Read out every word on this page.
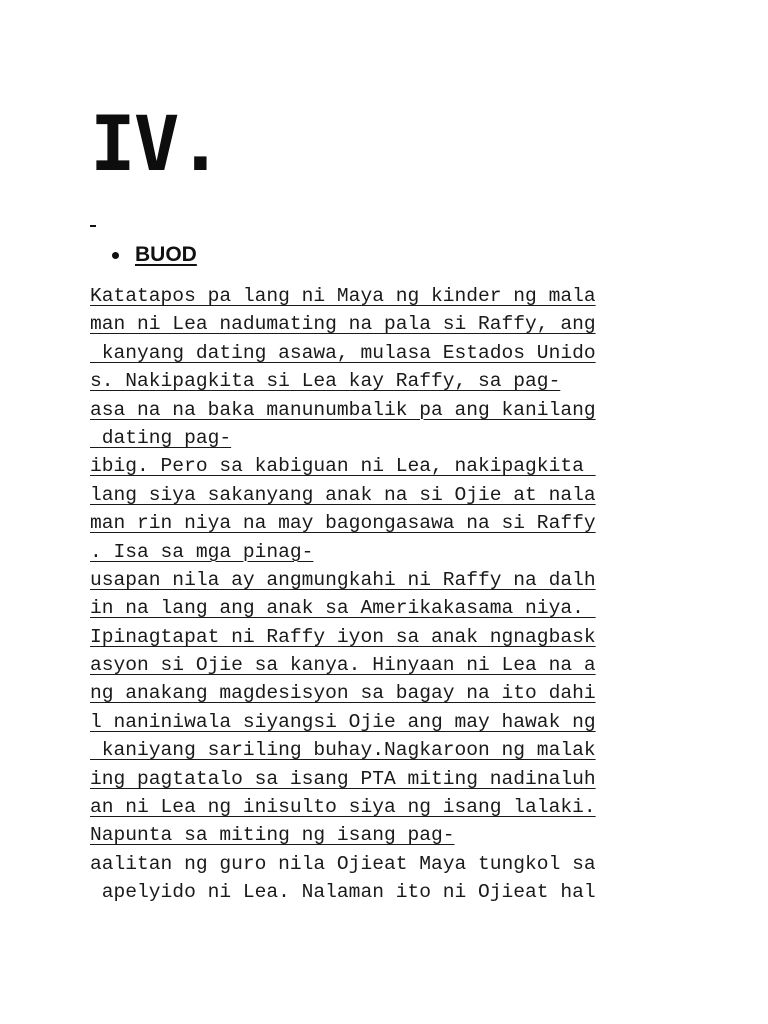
IV.
BUOD
Katatapos pa lang ni Maya ng kinder ng mala
man ni Lea nadumating na pala si Raffy, ang
kanyang dating asawa, mulasa Estados Unido
s. Nakipagkita si Lea kay Raffy, sa pag-
asa na na baka manunumbalik pa ang kanilang
dating pag-
ibig. Pero sa kabiguan ni Lea, nakipagkita
lang siya sakanyang anak na si Ojie at nala
man rin niya na may bagongasawa na si Raffy
. Isa sa mga pinag-
usapan nila ay angmungkahi ni Raffy na dalh
in na lang ang anak sa Amerikakasama niya.
Ipinagtapat ni Raffy iyon sa anak ngnagbask
asyon si Ojie sa kanya. Hinyaan ni Lea na a
ng anakang magdesisyon sa bagay na ito dahi
l naniniwala siyangsi Ojie ang may hawak ng
kaniyang sariling buhay.Nagkaroon ng malak
ing pagtatalo sa isang PTA miting nadinaluh
an ni Lea ng inisulto siya ng isang lalaki.
Napunta sa miting ng isang pag-
aalitan ng guro nila Ojieat Maya tungkol sa
apelyido ni Lea. Nalaman ito ni Ojieat hal
